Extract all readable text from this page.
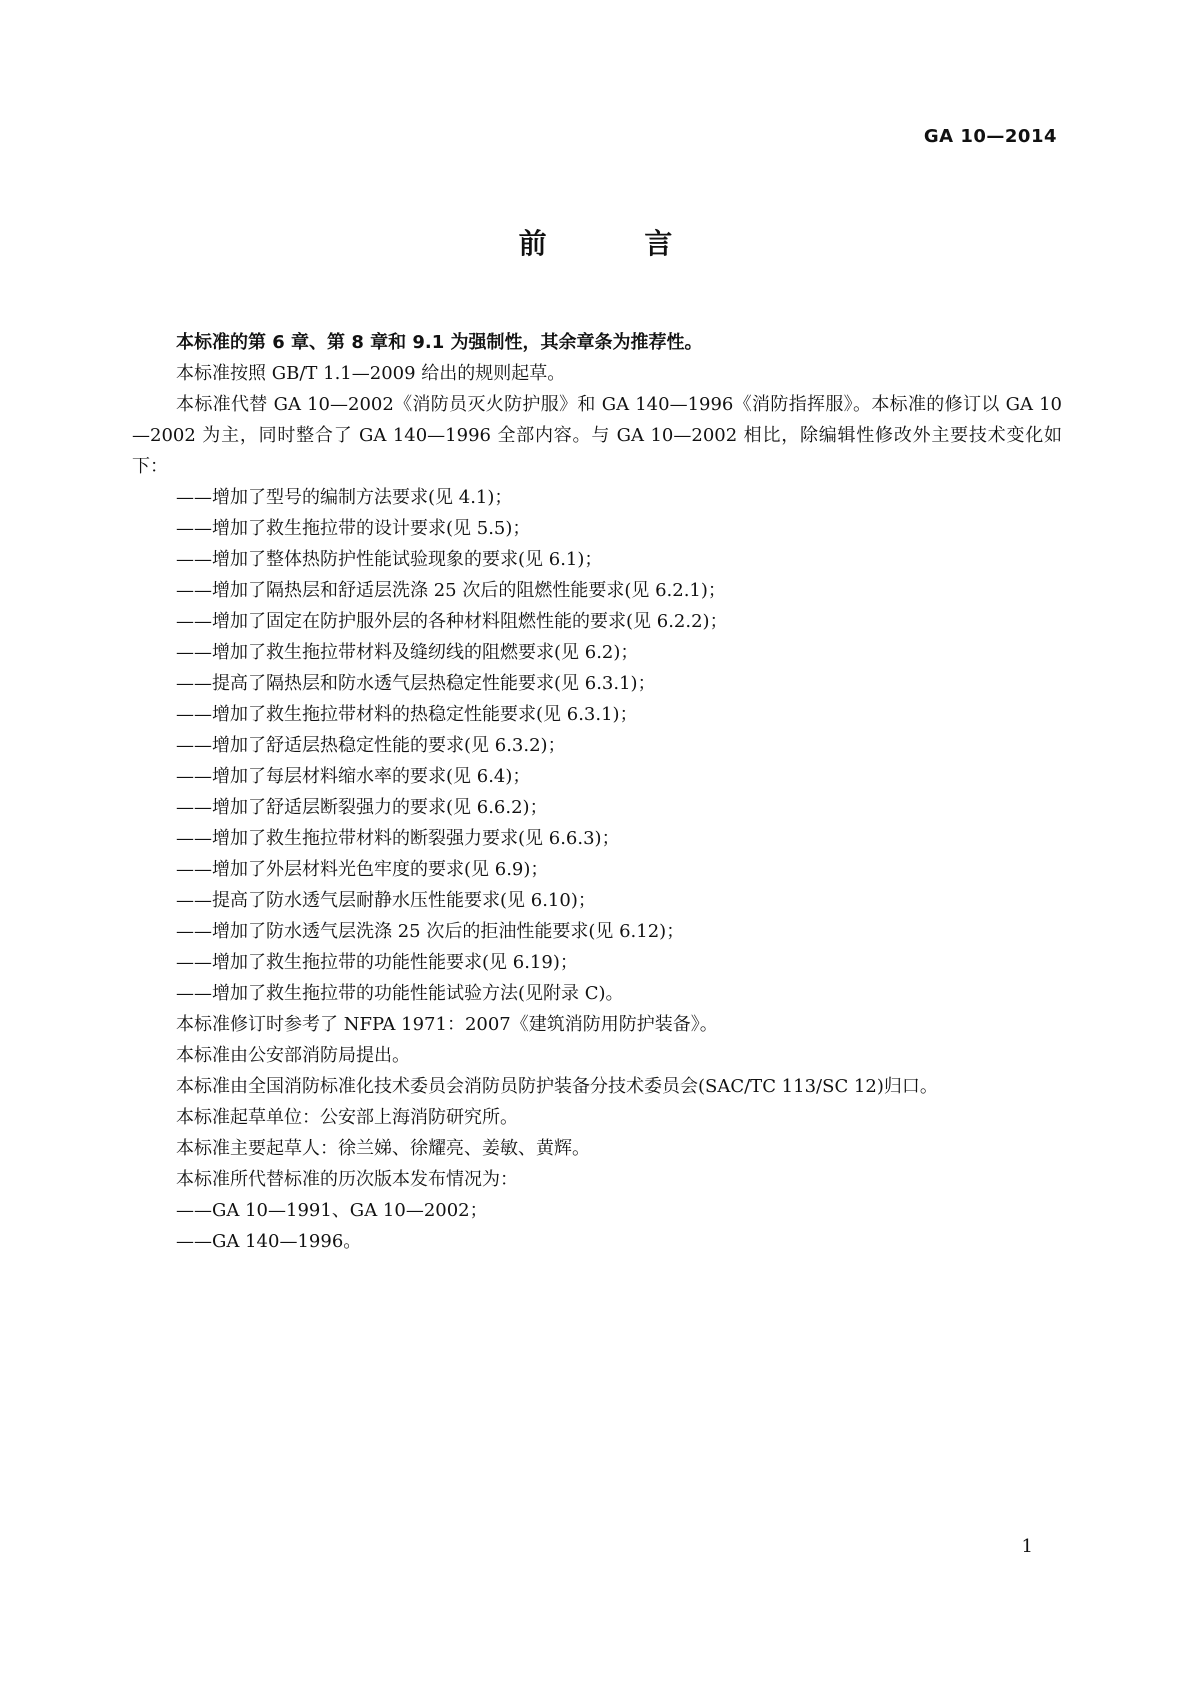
GA 10—2014
前 言

本标准的第 6 章、第 8 章和 9.1 为强制性，其余章条为推荐性。

本标准按照 GB/T 1.1—2009 给出的规则起草。

本标准代替 GA 10—2002《消防员灭火防护服》和 GA 140—1996《消防指挥服》。本标准的修订以 GA 10—2002 为主，同时整合了 GA 140—1996 全部内容。与 GA 10—2002 相比，除编辑性修改外主要技术变化如下：

——增加了型号的编制方法要求(见 4.1)；

——增加了救生拖拉带的设计要求(见 5.5)；

——增加了整体热防护性能试验现象的要求(见 6.1)；

——增加了隔热层和舒适层洗涤 25 次后的阻燃性能要求(见 6.2.1)；

——增加了固定在防护服外层的各种材料阻燃性能的要求(见 6.2.2)；

——增加了救生拖拉带材料及缝纫线的阻燃要求(见 6.2)；

——提高了隔热层和防水透气层热稳定性能要求(见 6.3.1)；

——增加了救生拖拉带材料的热稳定性能要求(见 6.3.1)；

——增加了舒适层热稳定性能的要求(见 6.3.2)；

——增加了每层材料缩水率的要求(见 6.4)；

——增加了舒适层断裂强力的要求(见 6.6.2)；

——增加了救生拖拉带材料的断裂强力要求(见 6.6.3)；

——增加了外层材料光色牢度的要求(见 6.9)；

——提高了防水透气层耐静水压性能要求(见 6.10)；

——增加了防水透气层洗涤 25 次后的拒油性能要求(见 6.12)；

——增加了救生拖拉带的功能性能要求(见 6.19)；

——增加了救生拖拉带的功能性能试验方法(见附录 C)。

本标准修订时参考了 NFPA 1971：2007《建筑消防用防护装备》。

本标准由公安部消防局提出。

本标准由全国消防标准化技术委员会消防员防护装备分技术委员会(SAC/TC 113/SC 12)归口。

本标准起草单位：公安部上海消防研究所。

本标准主要起草人：徐兰娣、徐耀亮、姜敏、黄辉。

本标准所代替标准的历次版本发布情况为：

——GA 10—1991、GA 10—2002；

——GA 140—1996。

1
